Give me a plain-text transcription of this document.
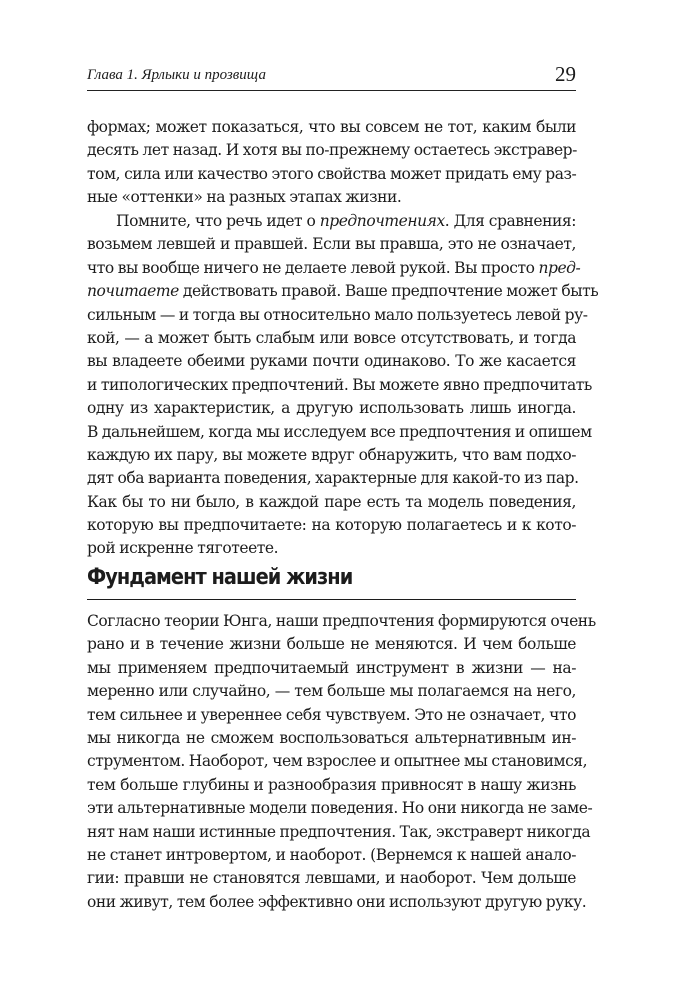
Глава 1. Ярлыки и прозвища	29
формах; может показаться, что вы совсем не тот, каким были
десять лет назад. И хотя вы по-прежнему остаетесь экстравер-
том, сила или качество этого свойства может придать ему раз-
ные «оттенки» на разных этапах жизни.
Помните, что речь идет о предпочтениях. Для сравнения:
возьмем левшей и правшей. Если вы правша, это не означает,
что вы вообще ничего не делаете левой рукой. Вы просто пред-
почитаете действовать правой. Ваше предпочтение может быть
сильным — и тогда вы относительно мало пользуетесь левой ру-
кой, — а может быть слабым или вовсе отсутствовать, и тогда
вы владеете обеими руками почти одинаково. То же касается
и типологических предпочтений. Вы можете явно предпочитать
одну из характеристик, а другую использовать лишь иногда.
В дальнейшем, когда мы исследуем все предпочтения и опишем
каждую их пару, вы можете вдруг обнаружить, что вам подхо-
дят оба варианта поведения, характерные для какой-то из пар.
Как бы то ни было, в каждой паре есть та модель поведения,
которую вы предпочитаете: на которую полагаетесь и к кото-
рой искренне тяготеете.
Фундамент нашей жизни
Согласно теории Юнга, наши предпочтения формируются очень
рано и в течение жизни больше не меняются. И чем больше
мы применяем предпочитаемый инструмент в жизни — на-
меренно или случайно, — тем больше мы полагаемся на него,
тем сильнее и увереннее себя чувствуем. Это не означает, что
мы никогда не сможем воспользоваться альтернативным ин-
струментом. Наоборот, чем взрослее и опытнее мы становимся,
тем больше глубины и разнообразия привносят в нашу жизнь
эти альтернативные модели поведения. Но они никогда не заме-
нят нам наши истинные предпочтения. Так, экстраверт никогда
не станет интровертом, и наоборот. (Вернемся к нашей анало-
гии: правши не становятся левшами, и наоборот. Чем дольше
они живут, тем более эффективно они используют другую руку.
